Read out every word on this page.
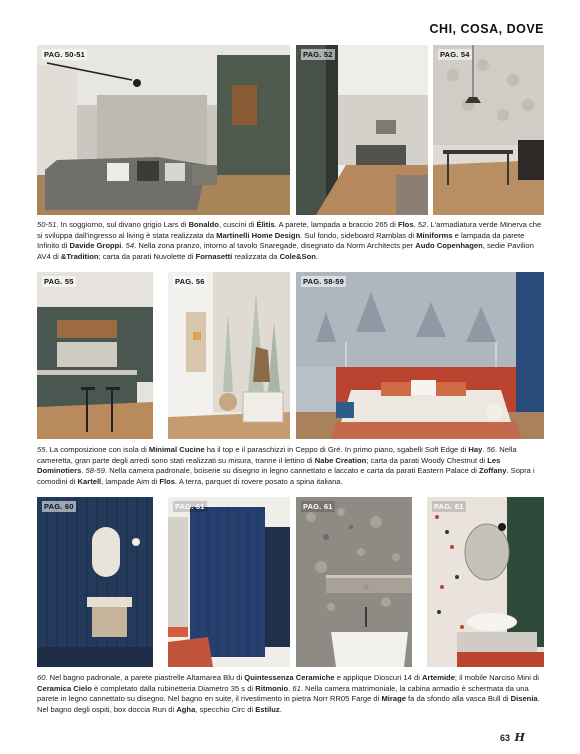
CHI, COSA, DOVE
PAG. 50-51	PAG. 52	PAG. 54
50-51. In soggiorno, sul divano grigio Lars di Bonaldo, cuscini di Élitis. A parete, lampada a braccio 265 di Flos. 52. L'armadiatura verde Minerva che si sviluppa dall'ingresso al living è stata realizzata da Martinelli Home Design. Sul fondo, sideboard Ramblas di Miniforms e lampada da parete Infinito di Davide Groppi. 54. Nella zona pranzo, intorno al tavolo Snaregade, disegnato da Norm Architects per Audo Copenhagen, sedie Pavilion AV4 di &Tradition; carta da parati Nuvolette di Fornasetti realizzata da Cole&Son.
PAG. 55	PAG. 56	PAG. 58-59
55. La composizione con isola di Minimal Cucine ha il top e il paraschizzi in Ceppo di Gré. In primo piano, sgabelli Soft Edge di Hay. 56. Nella cameretta, gran parte degli arredi sono stati realizzati su misura, tranne il lettino di Nabe Creation; carta da parati Woody Chestnut di Les Dominotiers. 58-59. Nella camera padronale, boiserie su disegno in legno cannettato e laccato e carta da parati Eastern Palace di Zoffany. Sopra i comodini di Kartell, lampade Aim di Flos. A terra, parquet di rovere posato a spina italiana.
PAG. 60	PAG. 61	PAG. 61	PAG. 61
60. Nel bagno padronale, a parete piastrelle Altamarea Blu di Quintessenza Ceramiche e applique Dioscuri 14 di Artemide; il mobile Narciso Mini di Ceramica Cielo è completato dalla rubinetteria Diametro 35 s di Ritmonio. 61. Nella camera matrimoniale, la cabina armadio è schermata da una parete in legno cannettato su disegno. Nel bagno en suite, il rivestimento in pietra Norr RR05 Farge di Mirage fa da sfondo alla vasca Bull di Disenia. Nel bagno degli ospiti, box doccia Run di Agha, specchio Circ di Estiluz.
63 H
